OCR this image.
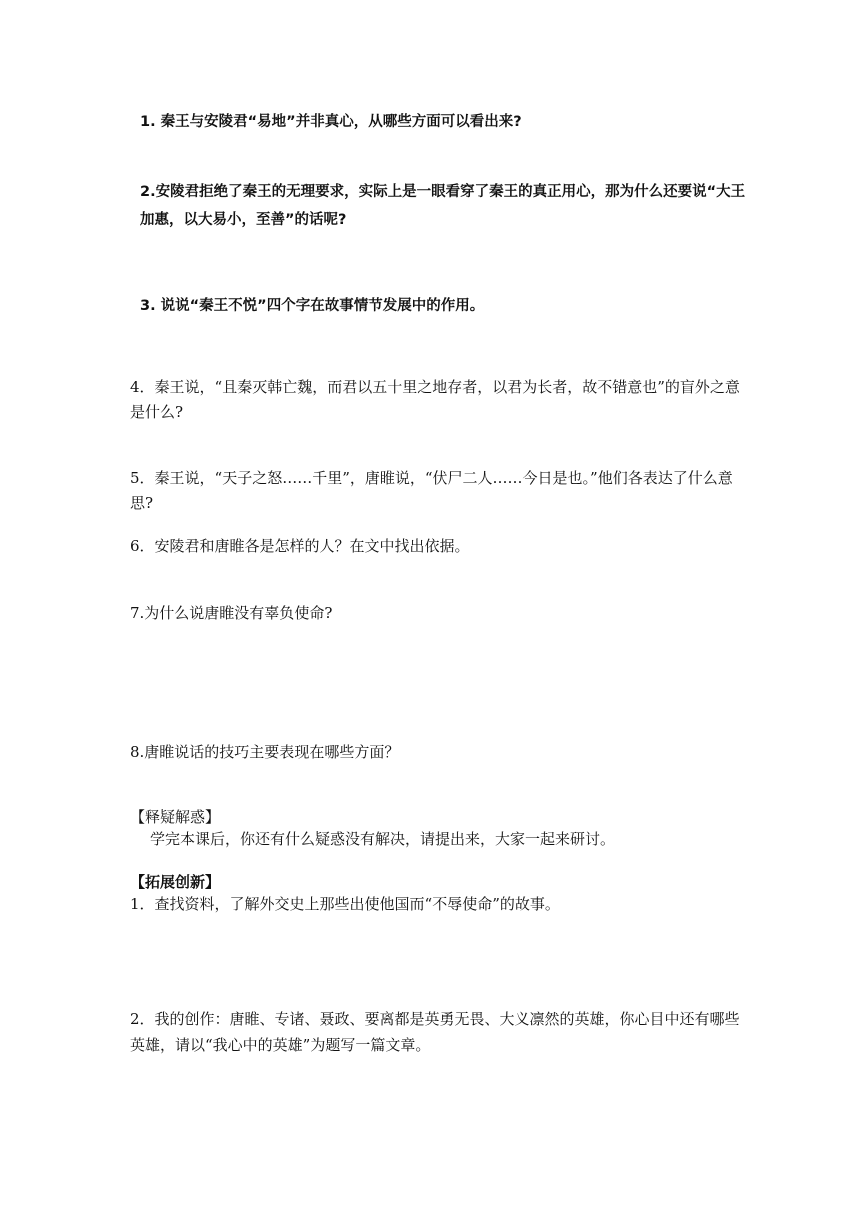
1. 秦王与安陵君“易地”并非真心，从哪些方面可以看出来?
2.安陵君拒绝了秦王的无理要求，实际上是一眼看穿了秦王的真正用心，那为什么还要说“大王加惠，以大易小，至善”的话呢?
3. 说说“秦王不悦”四个字在故事情节发展中的作用。
4．秦王说，“且秦灭韩亡魏，而君以五十里之地存者，以君为长者，故不错意也”的盲外之意是什么?
5．秦王说，“天子之怒……千里”，唐睢说，“伏尸二人……今日是也。”他们各表达了什么意思?
6．安陵君和唐睢各是怎样的人？在文中找出依据。
7.为什么说唐睢没有辜负使命?
8.唐睢说话的技巧主要表现在哪些方面？
【释疑解惑】
学完本课后，你还有什么疑惑没有解决，请提出来，大家一起来研讨。
【拓展创新】
1．查找资料，了解外交史上那些出使他国而“不辱使命”的故事。
2．我的创作：唐睢、专诸、聂政、要离都是英勇无畏、大义凛然的英雄，你心目中还有哪些英雄，请以“我心中的英雄”为题写一篇文章。
